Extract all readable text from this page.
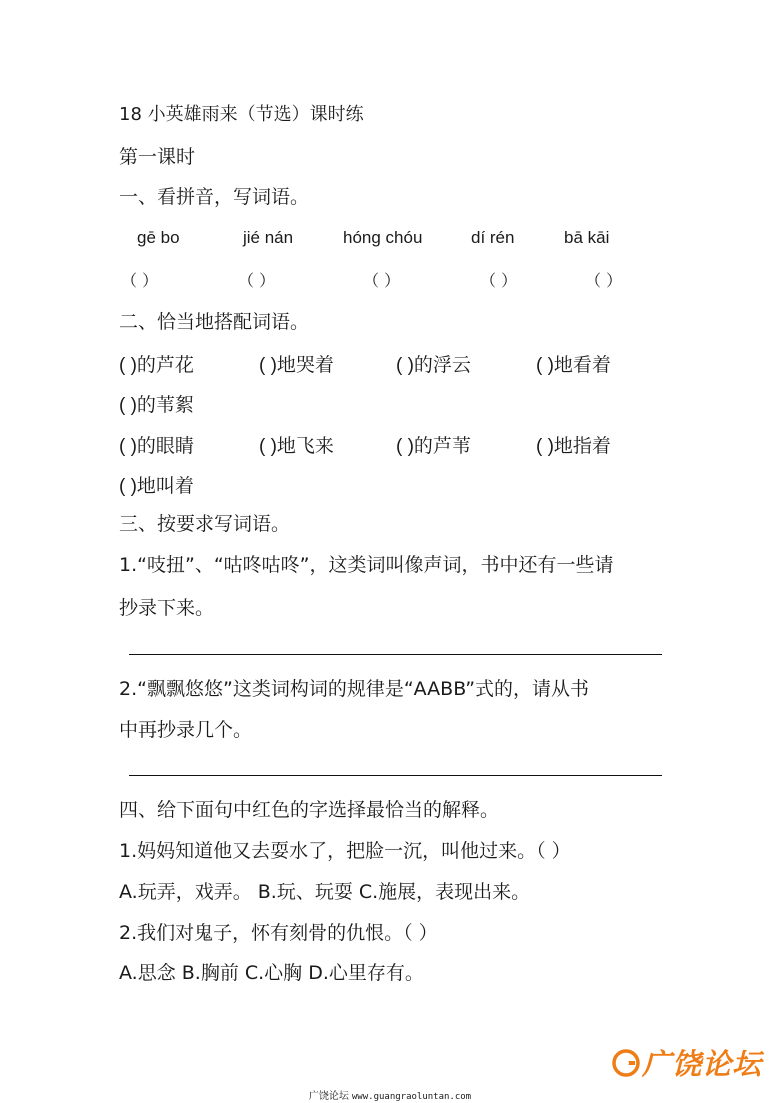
18 小英雄雨来（节选）课时练
第一课时
一、看拼音，写词语。
gē bo	jié nán	hóng chóu	dí rén	bā kāi
（ ）	（ ）	（ ）	（ ）	（ ）
二、恰当地搭配词语。
( )的芦花	( )地哭着	( )的浮云	( )地看着
( )的苇絮
( )的眼睛	( )地飞来	( )的芦苇	( )地指着
( )地叫着
三、按要求写词语。
1.“吱扭”、“咕咚咕咚”，这类词叫像声词，书中还有一些请
抄录下来。
2.“飘飘悠悠”这类词构词的规律是“AABB”式的，请从书
中再抄录几个。
四、给下面句中红色的字选择最恰当的解释。
1.妈妈知道他又去耍水了，把脸一沉，叫他过来。（ ）
A.玩弄，戏弄。 B.玩、玩耍 C.施展，表现出来。
2.我们对鬼子，怀有刻骨的仇恨。（ ）
A.思念 B.胸前 C.心胸 D.心里存有。
广饶论坛
广饶论坛 www.guangraoluntan.com
